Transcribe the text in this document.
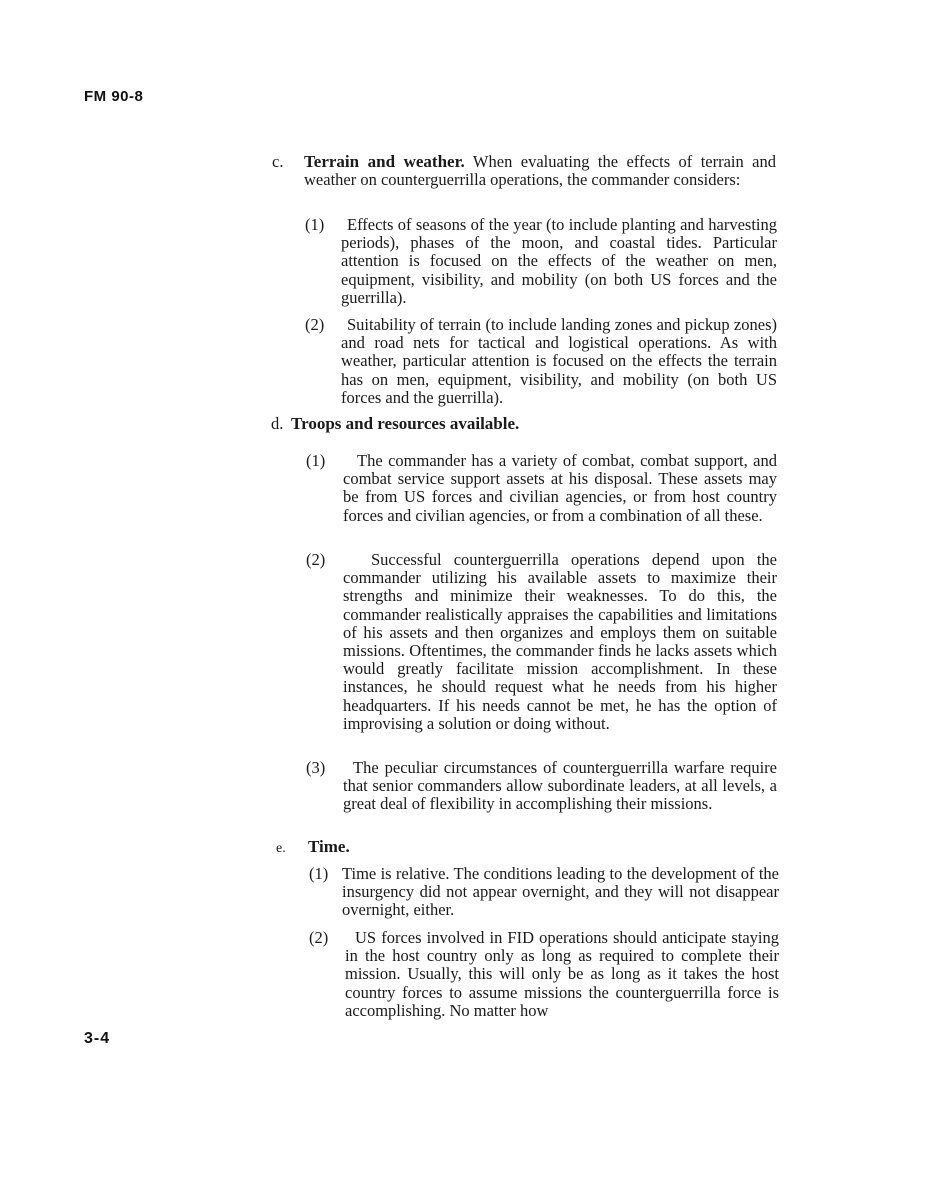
FM 90-8
c. Terrain and weather. When evaluating the effects of terrain and weather on counterguerrilla operations, the commander considers:
(1)	Effects of seasons of the year (to include planting and harvesting periods), phases of the moon, and coastal tides. Particular attention is focused on the effects of the weather on men, equipment, visibility, and mobility (on both US forces and the guerrilla).
(2)	Suitability of terrain (to include landing zones and pickup zones) and road nets for tactical and logistical operations. As with weather, particular attention is focused on the effects the terrain has on men, equipment, visibility, and mobility (on both US forces and the guerrilla).
d. Troops and resources available.
(1)	The commander has a variety of combat, combat support, and combat service support assets at his disposal. These assets may be from US forces and civilian agencies, or from host country forces and civilian agencies, or from a combination of all these.
(2)	Successful counterguerrilla operations depend upon the commander utilizing his available assets to maximize their strengths and minimize their weaknesses. To do this, the commander realistically appraises the capabilities and limitations of his assets and then organizes and employs them on suitable missions. Oftentimes, the commander finds he lacks assets which would greatly facilitate mission accomplishment. In these instances, he should request what he needs from his higher headquarters. If his needs cannot be met, he has the option of improvising a solution or doing without.
(3)	The peculiar circumstances of counterguerrilla warfare require that senior commanders allow subordinate leaders, at all levels, a great deal of flexibility in accomplishing their missions.
e. Time.
(1) Time is relative. The conditions leading to the development of the insurgency did not appear overnight, and they will not disappear overnight, either.
(2)	US forces involved in FID operations should anticipate staying in the host country only as long as required to complete their mission. Usually, this will only be as long as it takes the host country forces to assume missions the counterguerrilla force is accomplishing. No matter how
3-4
